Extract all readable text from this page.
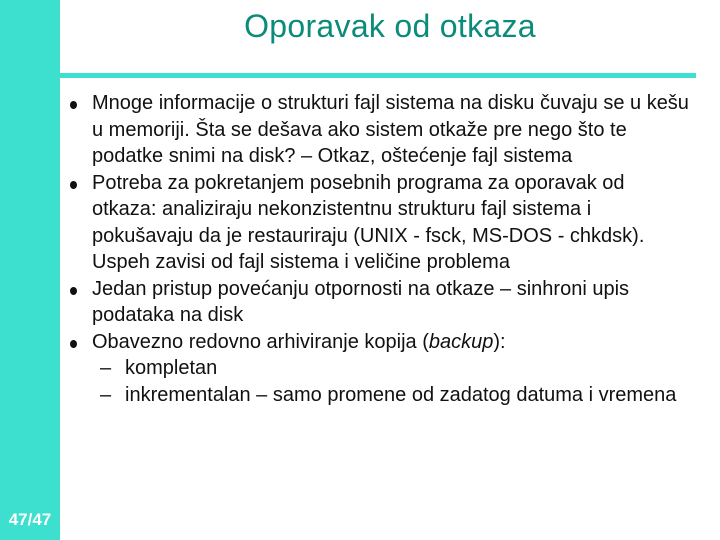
47/47
Oporavak od otkaza
Mnoge informacije o strukturi fajl sistema na disku čuvaju se u kešu u memoriji. Šta se dešava ako sistem otkaže pre nego što te podatke snimi na disk? – Otkaz, oštećenje fajl sistema
Potreba za pokretanjem posebnih programa za oporavak od otkaza: analiziraju nekonzistentnu strukturu fajl sistema i pokušavaju da je restauriraju (UNIX - fsck, MS-DOS - chkdsk). Uspeh zavisi od fajl sistema i veličine problema
Jedan pristup povećanju otpornosti na otkaze – sinhroni upis podataka na disk
Obavezno redovno arhiviranje kopija (backup):
– kompletan
– inkrementalan – samo promene od zadatog datuma i vremena
